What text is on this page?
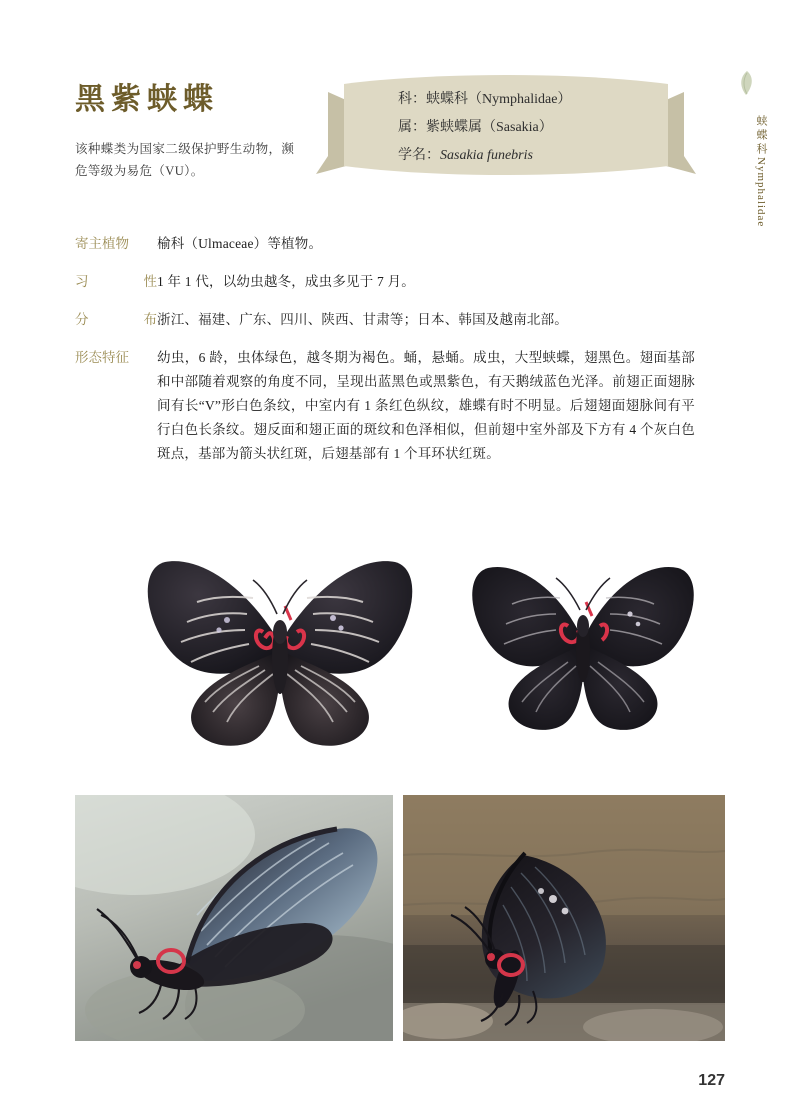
黑紫蛱蝶
该种蝶类为国家二级保护野生动物，濒危等级为易危（VU）。
科：蛱蝶科（Nymphalidae）
属：紫蛱蝶属（Sasakia）
学名：Sasakia funebris	蛱蝶科Nymphalidae
寄主植物	榆科（Ulmaceae）等植物。
习	性 1 年 1 代，以幼虫越冬，成虫多见于 7 月。
分	布 浙江、福建、广东、四川、陕西、甘肃等；日本、韩国及越南北部。
形态特征	幼虫，6 龄，虫体绿色，越冬期为褐色。蛹，悬蛹。成虫，大型蛱蝶，翅黑色。翅面基部和中部随着观察的角度不同，呈现出蓝黑色或黑紫色，有天鹅绒蓝色光泽。前翅正面翅脉间有长“V”形白色条纹，中室内有 1 条红色纵纹，雄蝶有时不明显。后翅翅面翅脉间有平行白色长条纹。翅反面和翅正面的斑纹和色泽相似，但前翅中室外部及下方有 4 个灰白色斑点，基部为箭头状红斑，后翅基部有 1 个耳环状红斑。
127
